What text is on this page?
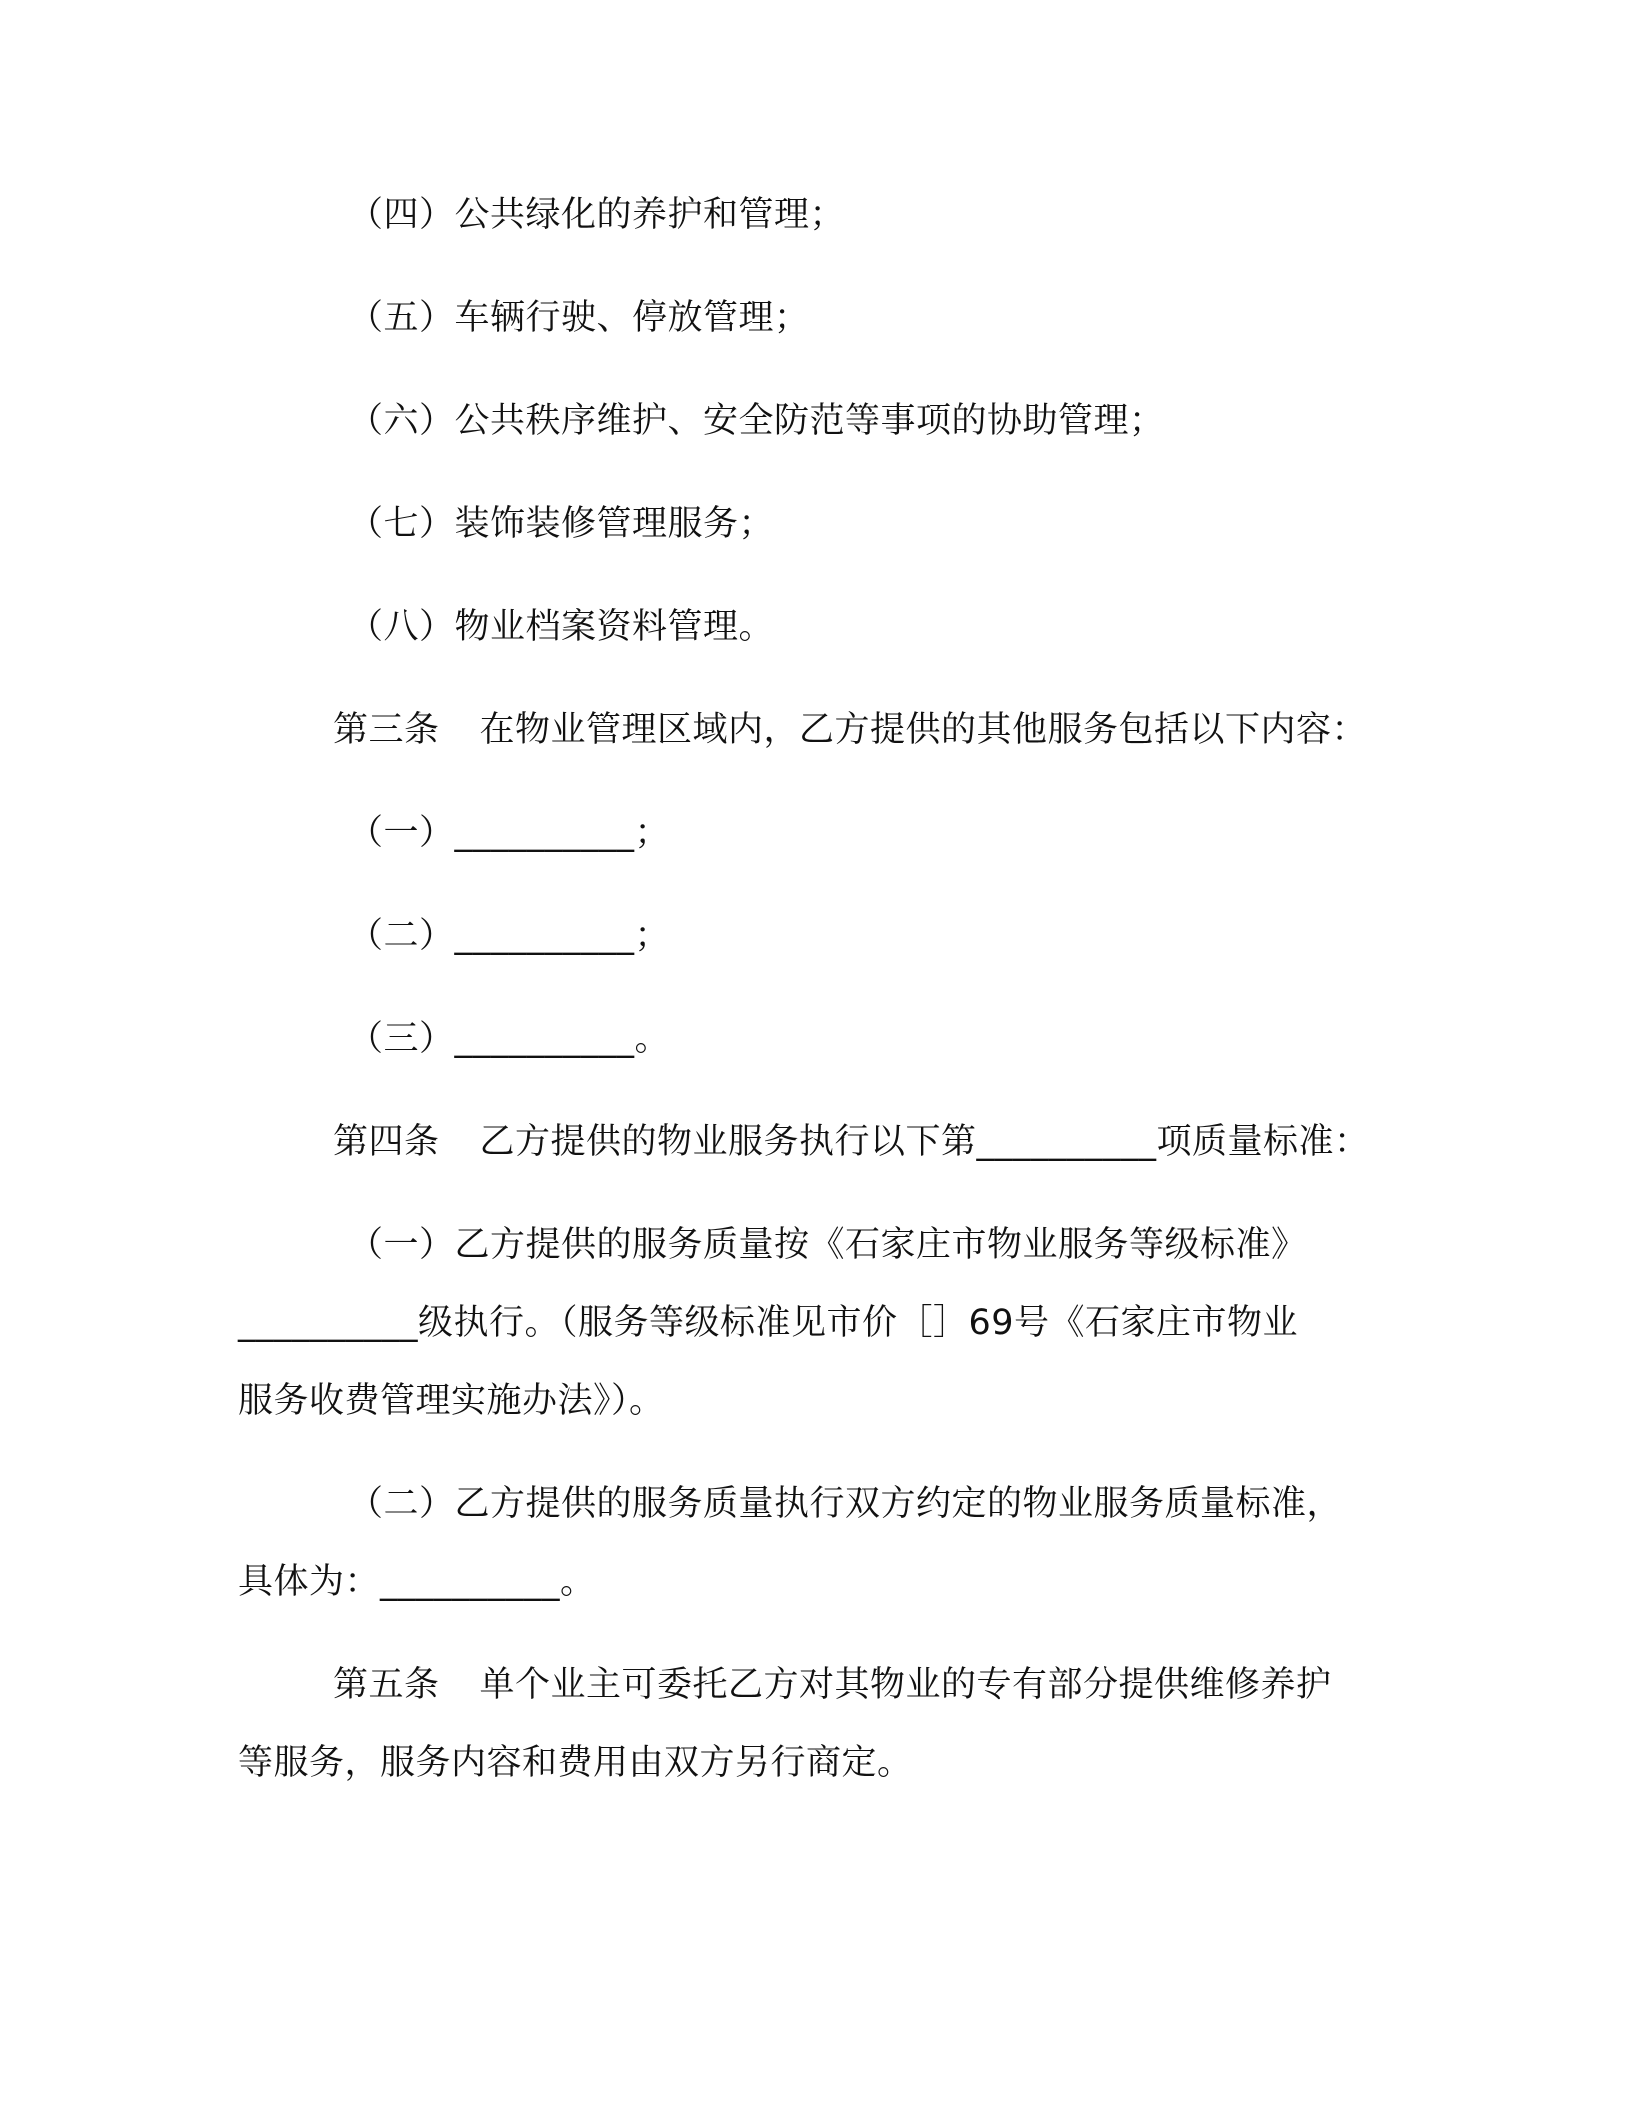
（四）公共绿化的养护和管理；
（五）车辆行驶、停放管理；
（六）公共秩序维护、安全防范等事项的协助管理；
（七）装饰装修管理服务；
（八）物业档案资料管理。
第三条 在物业管理区域内，乙方提供的其他服务包括以下内容：
（一）__________；
（二）__________；
（三）__________。
第四条 乙方提供的物业服务执行以下第__________项质量标准：
（一）乙方提供的服务质量按《石家庄市物业服务等级标准》
__________级执行。（服务等级标准见市价［］69号《石家庄市物业
服务收费管理实施办法》）。
（二）乙方提供的服务质量执行双方约定的物业服务质量标准，
具体为：__________。
第五条 单个业主可委托乙方对其物业的专有部分提供维修养护
等服务，服务内容和费用由双方另行商定。
